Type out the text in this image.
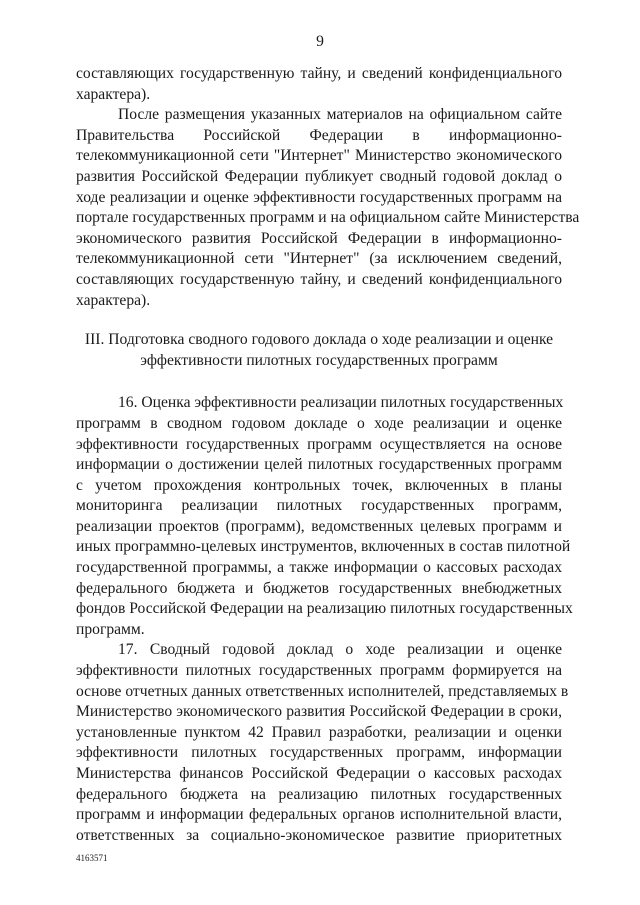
9
составляющих государственную тайну, и сведений конфиденциального
характера).
После размещения указанных материалов на официальном сайте
Правительства Российской Федерации в информационно-
телекоммуникационной сети "Интернет" Министерство экономического
развития Российской Федерации публикует сводный годовой доклад о
ходе реализации и оценке эффективности государственных программ на
портале государственных программ и на официальном сайте Министерства
экономического развития Российской Федерации в информационно-
телекоммуникационной сети "Интернет" (за исключением сведений,
составляющих государственную тайну, и сведений конфиденциального
характера).
III. Подготовка сводного годового доклада о ходе реализации и оценке
эффективности пилотных государственных программ
16. Оценка эффективности реализации пилотных государственных
программ в сводном годовом докладе о ходе реализации и оценке
эффективности государственных программ осуществляется на основе
информации о достижении целей пилотных государственных программ
с учетом прохождения контрольных точек, включенных в планы
мониторинга реализации пилотных государственных программ,
реализации проектов (программ), ведомственных целевых программ и
иных программно-целевых инструментов, включенных в состав пилотной
государственной программы, а также информации о кассовых расходах
федерального бюджета и бюджетов государственных внебюджетных
фондов Российской Федерации на реализацию пилотных государственных
программ.
17. Сводный годовой доклад о ходе реализации и оценке
эффективности пилотных государственных программ формируется на
основе отчетных данных ответственных исполнителей, представляемых в
Министерство экономического развития Российской Федерации в сроки,
установленные пунктом 42 Правил разработки, реализации и оценки
эффективности пилотных государственных программ, информации
Министерства финансов Российской Федерации о кассовых расходах
федерального бюджета на реализацию пилотных государственных
программ и информации федеральных органов исполнительной власти,
ответственных за социально-экономическое развитие приоритетных
4163571
